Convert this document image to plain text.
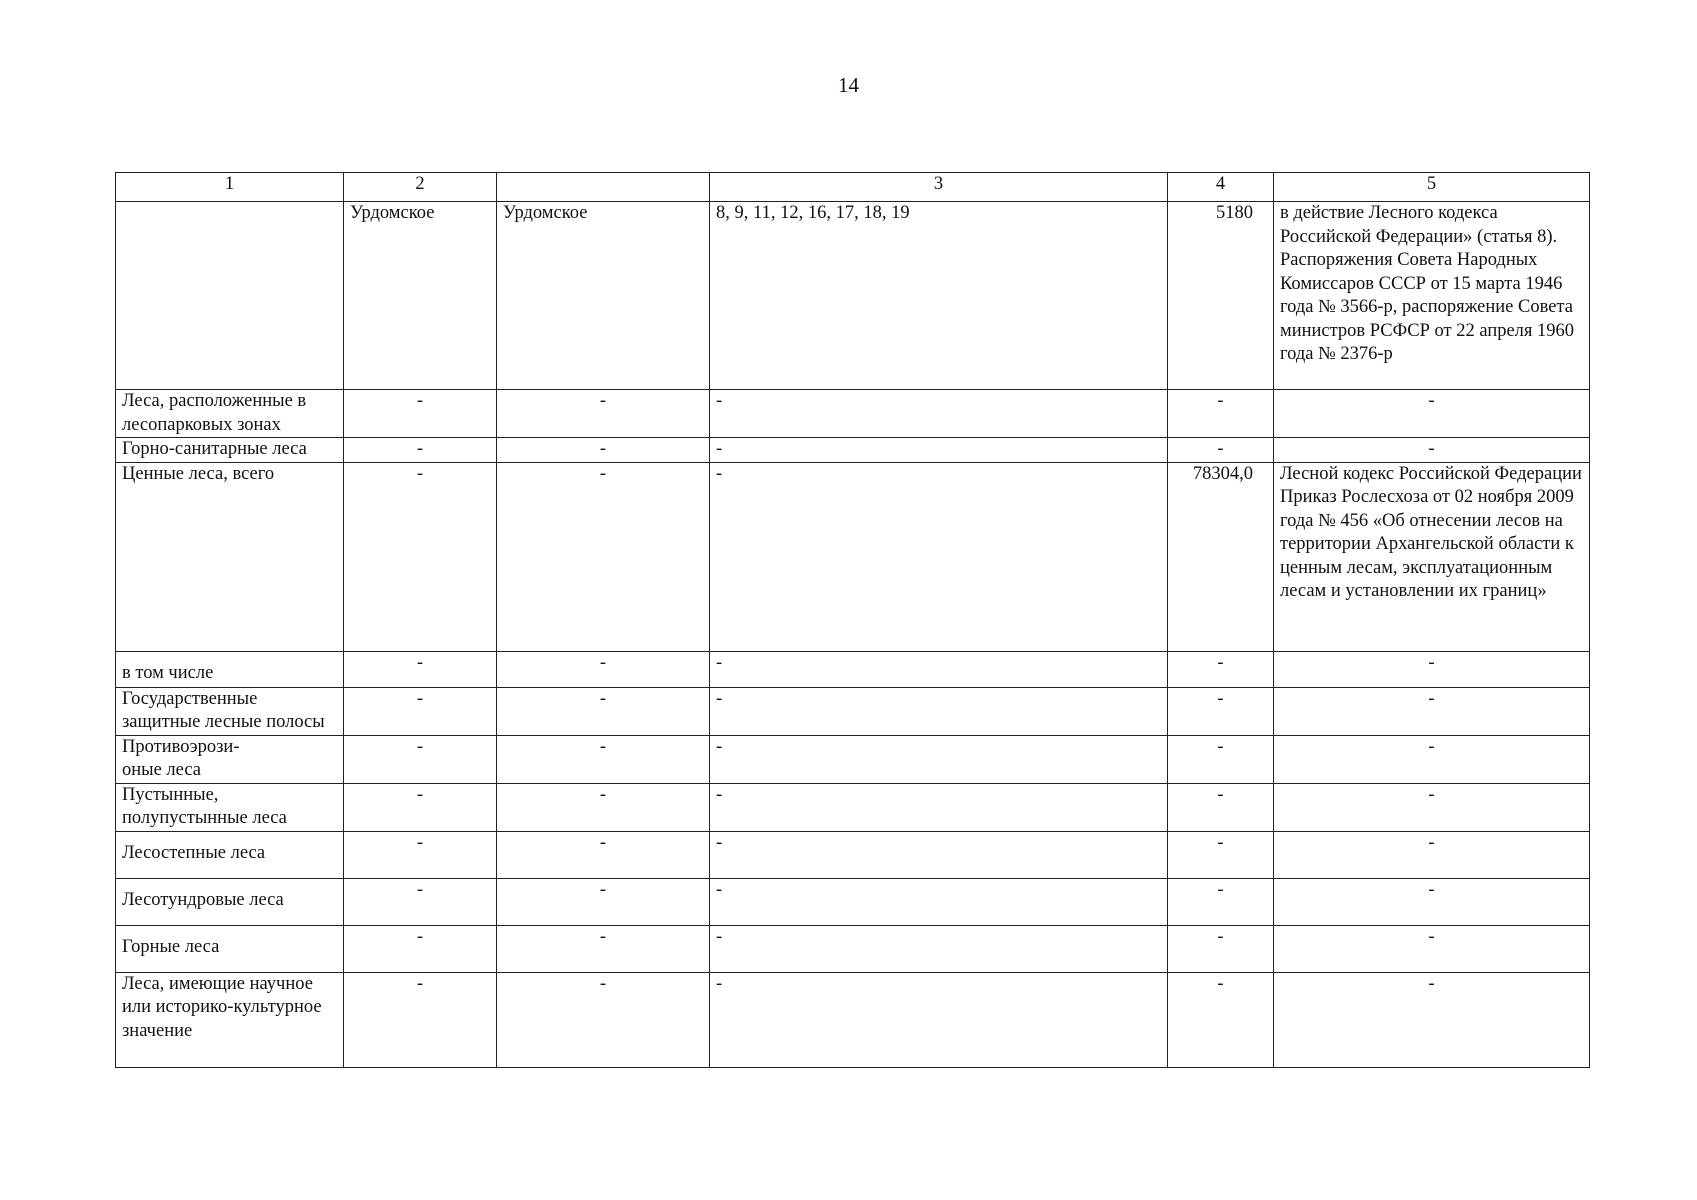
14
1	2		3	4	5
	Урдомское	Урдомское	8, 9, 11, 12, 16, 17, 18, 19	5180	в действие Лесного кодекса Российской Федерации» (статья 8). Распоряжения Совета Народных Комиссаров СССР от 15 марта 1946 года № 3566-р, распоряжение Совета министров РСФСР от 22 апреля 1960 года № 2376-р
Леса, расположенные в лесопарковых зонах	-	-	-	-	-
Горно-санитарные леса	-	-	-	-	-
Ценные леса, всего	-	-	-	78304,0	Лесной кодекс Российской Федерации Приказ Рослесхоза от 02 ноября 2009 года № 456 «Об отнесении лесов на территории Архангельской области к ценным лесам, эксплуатационным лесам и установлении их границ»

в том числе	-	-	-	-	-
Государственные защитные лесные полосы	-	-	-	-	-
Противоэрози-оные леса	-	-	-	-	-
Пустынные, полупустынные леса	-	-	-	-	-

Лесостепные леса	-	-	-	-	-

Лесотундровые леса	-	-	-	-	-

Горные леса	-	-	-	-	-
Леса, имеющие научное или историко-культурное значение	-	-	-	-	-
